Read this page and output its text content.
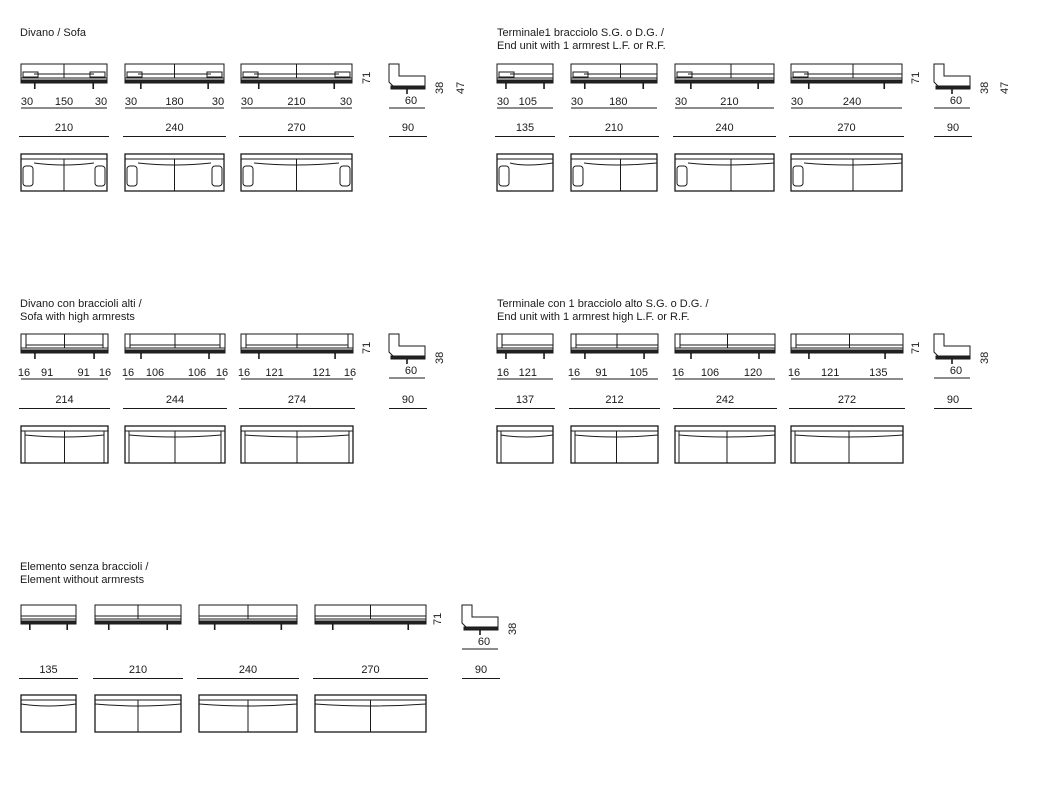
Divano / Sofa
210
30 150 30
240
30	180	30
270
30	210	30
71
60
38 47
90
Terminale1 bracciolo S.G. o D.G. /
End unit with 1 armrest L.F. or R.F.
135
30 105
210
30 180
240
30	210
270
30	240
71
60
38 47
90
Divano con braccioli alti /
Sofa with high armrests
214
16 91 91 16
244
16 106 106 16
274
16 121	121 16
71
60
38
90
Terminale con 1 bracciolo alto S.G. o D.G. /
End unit with 1 armrest high L.F. or R.F.
137
16 121
212
16 91 105
242
16 106 120
272
16 121	135
71
60
38
90
Elemento senza braccioli /
Element without armrests
135	210	240	270
71
60
38
90
